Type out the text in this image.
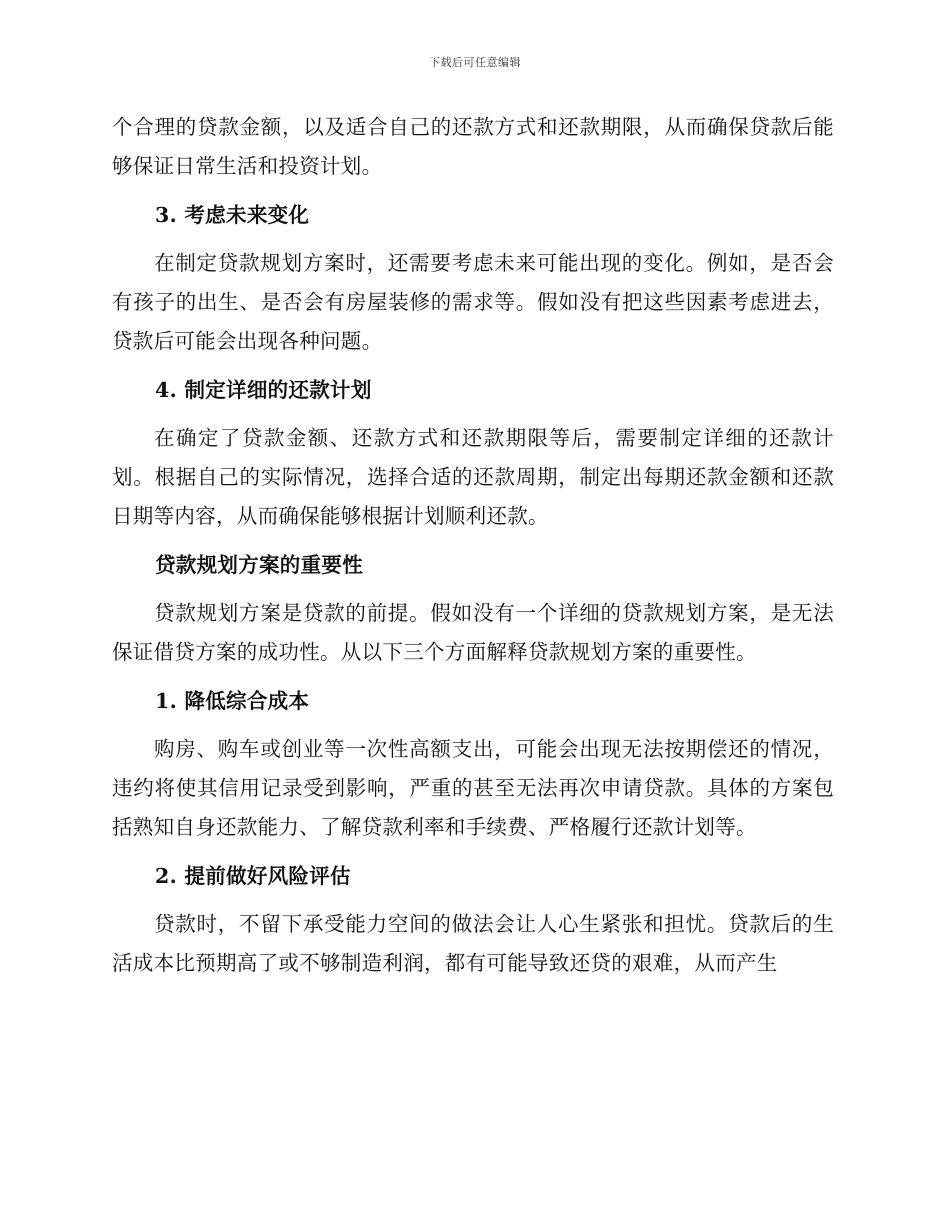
下载后可任意编辑

个合理的贷款金额，以及适合自己的还款方式和还款期限，从而确保贷款后能够保证日常生活和投资计划。

3. 考虑未来变化

在制定贷款规划方案时，还需要考虑未来可能出现的变化。例如，是否会有孩子的出生、是否会有房屋装修的需求等。假如没有把这些因素考虑进去，贷款后可能会出现各种问题。

4. 制定详细的还款计划

在确定了贷款金额、还款方式和还款期限等后，需要制定详细的还款计划。根据自己的实际情况，选择合适的还款周期，制定出每期还款金额和还款日期等内容，从而确保能够根据计划顺利还款。

贷款规划方案的重要性

贷款规划方案是贷款的前提。假如没有一个详细的贷款规划方案，是无法保证借贷方案的成功性。从以下三个方面解释贷款规划方案的重要性。

1. 降低综合成本

购房、购车或创业等一次性高额支出，可能会出现无法按期偿还的情况，违约将使其信用记录受到影响，严重的甚至无法再次申请贷款。具体的方案包括熟知自身还款能力、了解贷款利率和手续费、严格履行还款计划等。

2. 提前做好风险评估

贷款时，不留下承受能力空间的做法会让人心生紧张和担忧。贷款后的生活成本比预期高了或不够制造利润，都有可能导致还贷的艰难，从而产生
